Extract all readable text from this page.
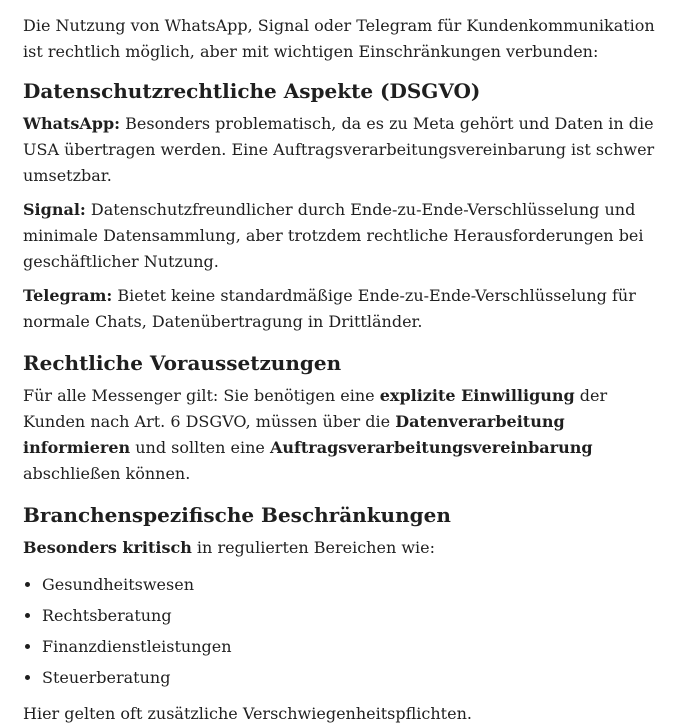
Die Nutzung von WhatsApp, Signal oder Telegram für Kundenkommunikation ist rechtlich möglich, aber mit wichtigen Einschränkungen verbunden:

Datenschutzrechtliche Aspekte (DSGVO)

WhatsApp: Besonders problematisch, da es zu Meta gehört und Daten in die USA übertragen werden. Eine Auftragsverarbeitungsvereinbarung ist schwer umsetzbar.

Signal: Datenschutzfreundlicher durch Ende-zu-Ende-Verschlüsselung und minimale Datensammlung, aber trotzdem rechtliche Herausforderungen bei geschäftlicher Nutzung.

Telegram: Bietet keine standardmäßige Ende-zu-Ende-Verschlüsselung für normale Chats, Datenübertragung in Drittländer.

Rechtliche Voraussetzungen

Für alle Messenger gilt: Sie benötigen eine explizite Einwilligung der Kunden nach Art. 6 DSGVO, müssen über die Datenverarbeitung informieren und sollten eine Auftragsverarbeitungsvereinbarung abschließen können.

Branchenspezifische Beschränkungen

Besonders kritisch in regulierten Bereichen wie:

• Gesundheitswesen
• Rechtsberatung
• Finanzdienstleistungen
• Steuerberatung

Hier gelten oft zusätzliche Verschwiegenheitspflichten.
